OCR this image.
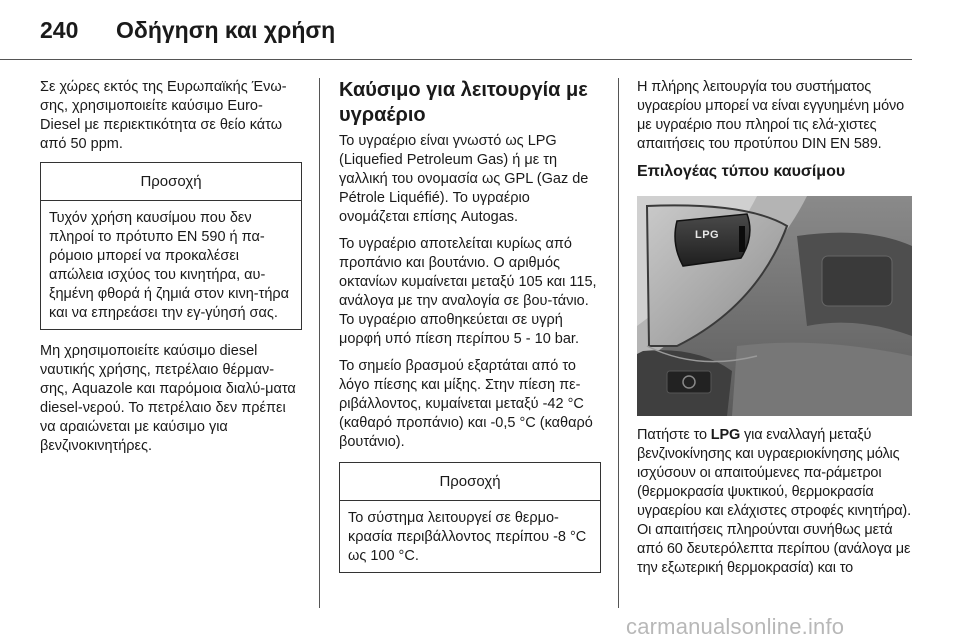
240 Οδήγηση και χρήση

Σε χώρες εκτός της Ευρωπαϊκής Ένω-σης, χρησιμοποιείτε καύσιμο Euro-Diesel με περιεκτικότητα σε θείο κάτω από 50 ppm.

Προσοχή
Τυχόν χρήση καυσίμου που δεν πληροί το πρότυπο EN 590 ή πα-ρόμοιο μπορεί να προκαλέσει απώλεια ισχύος του κινητήρα, αυ-ξημένη φθορά ή ζημιά στον κινη-τήρα και να επηρεάσει την εγ-γύησή σας.

Μη χρησιμοποιείτε καύσιμο diesel ναυτικής χρήσης, πετρέλαιο θέρμαν-σης, Aquazole και παρόμοια διαλύ-ματα diesel-νερού. Το πετρέλαιο δεν πρέπει να αραιώνεται με καύσιμο για βενζινοκινητήρες.

Καύσιμο για λειτουργία με υγραέριο

Το υγραέριο είναι γνωστό ως LPG (Liquefied Petroleum Gas) ή με τη γαλλική του ονομασία ως GPL (Gaz de Pétrole Liquéfié). Το υγραέριο ονομάζεται επίσης Autogas.

Το υγραέριο αποτελείται κυρίως από προπάνιο και βουτάνιο. Ο αριθμός οκτανίων κυμαίνεται μεταξύ 105 και 115, ανάλογα με την αναλογία σε βου-τάνιο. Το υγραέριο αποθηκεύεται σε υγρή μορφή υπό πίεση περίπου 5 - 10 bar.

Το σημείο βρασμού εξαρτάται από το λόγο πίεσης και μίξης. Στην πίεση πε-ριβάλλοντος, κυμαίνεται μεταξύ -42 °C (καθαρό προπάνιο) και -0,5 °C (καθαρό βουτάνιο).

Προσοχή
Το σύστημα λειτουργεί σε θερμο-κρασία περιβάλλοντος περίπου -8 °C ως 100 °C.

Η πλήρης λειτουργία του συστήματος υγραερίου μπορεί να είναι εγγυημένη μόνο με υγραέριο που πληροί τις ελά-χιστες απαιτήσεις του προτύπου DIN EN 589.

Επιλογέας τύπου καυσίμου
LPG

Πατήστε το LPG για εναλλαγή μεταξύ βενζινοκίνησης και υγραεριοκίνησης μόλις ισχύσουν οι απαιτούμενες πα-ράμετροι (θερμοκρασία ψυκτικού, θερμοκρασία υγραερίου και ελάχιστες στροφές κινητήρα). Οι απαιτήσεις πληρούνται συνήθως μετά από 60 δευτερόλεπτα περίπου (ανάλογα με την εξωτερική θερμοκρασία) και το

carmanualsonline.info
